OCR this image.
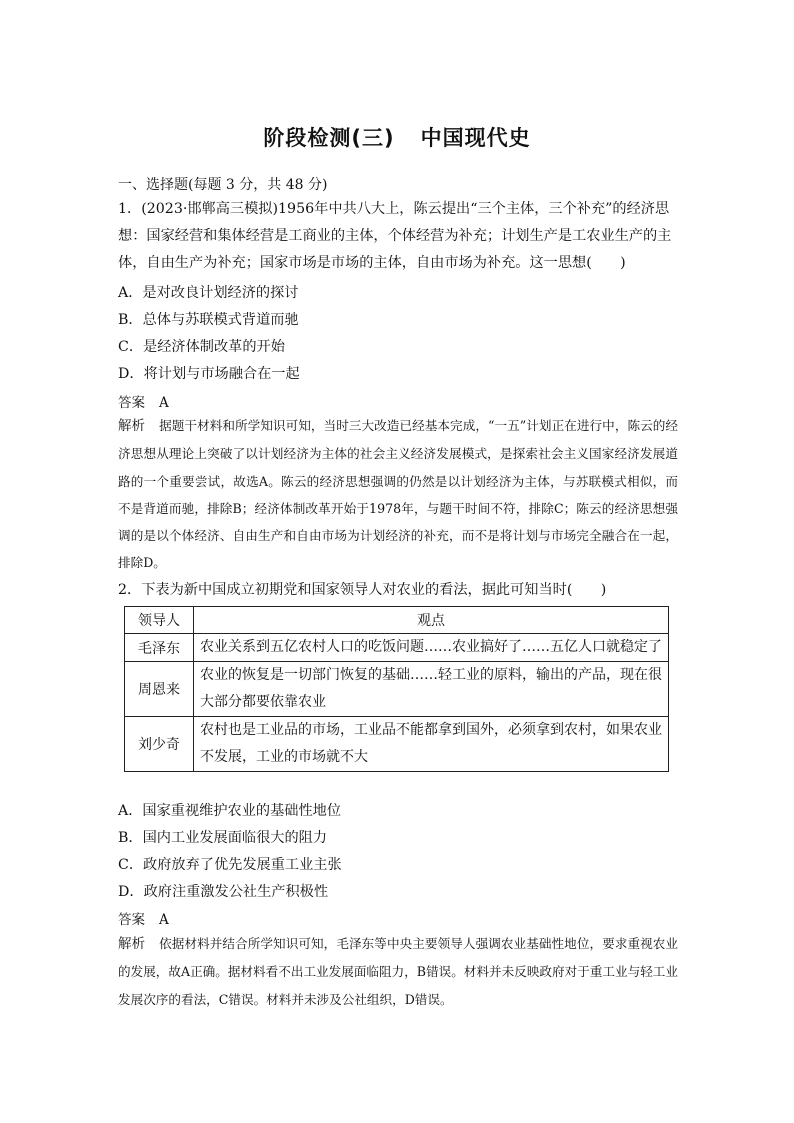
阶段检测(三) 中国现代史
一、选择题(每题 3 分，共 48 分)
1．(2023·邯郸高三模拟)1956年中共八大上，陈云提出“三个主体，三个补充”的经济思想：国家经营和集体经营是工商业的主体，个体经营为补充；计划生产是工农业生产的主体，自由生产为补充；国家市场是市场的主体，自由市场为补充。这一思想(　　)
A．是对改良计划经济的探讨
B．总体与苏联模式背道而驰
C．是经济体制改革的开始
D．将计划与市场融合在一起
答案 A
解析 据题干材料和所学知识可知，当时三大改造已经基本完成，“一五”计划正在进行中，陈云的经济思想从理论上突破了以计划经济为主体的社会主义经济发展模式，是探索社会主义国家经济发展道路的一个重要尝试，故选A。陈云的经济思想强调的仍然是以计划经济为主体，与苏联模式相似，而不是背道而驰，排除B；经济体制改革开始于1978年，与题干时间不符，排除C；陈云的经济思想强调的是以个体经济、自由生产和自由市场为计划经济的补充，而不是将计划与市场完全融合在一起，排除D。
2．下表为新中国成立初期党和国家领导人对农业的看法，据此可知当时(　　)
领导人	观点
毛泽东	农业关系到五亿农村人口的吃饭问题……农业搞好了……五亿人口就稳定了
周恩来	农业的恢复是一切部门恢复的基础……轻工业的原料，输出的产品，现在很大部分都要依靠农业
刘少奇	农村也是工业品的市场，工业品不能都拿到国外，必须拿到农村，如果农业不发展，工业的市场就不大
A．国家重视维护农业的基础性地位
B．国内工业发展面临很大的阻力
C．政府放弃了优先发展重工业主张
D．政府注重激发公社生产积极性
答案 A
解析 依据材料并结合所学知识可知，毛泽东等中央主要领导人强调农业基础性地位，要求重视农业的发展，故A正确。据材料看不出工业发展面临阻力，B错误。材料并未反映政府对于重工业与轻工业发展次序的看法，C错误。材料并未涉及公社组织，D错误。
